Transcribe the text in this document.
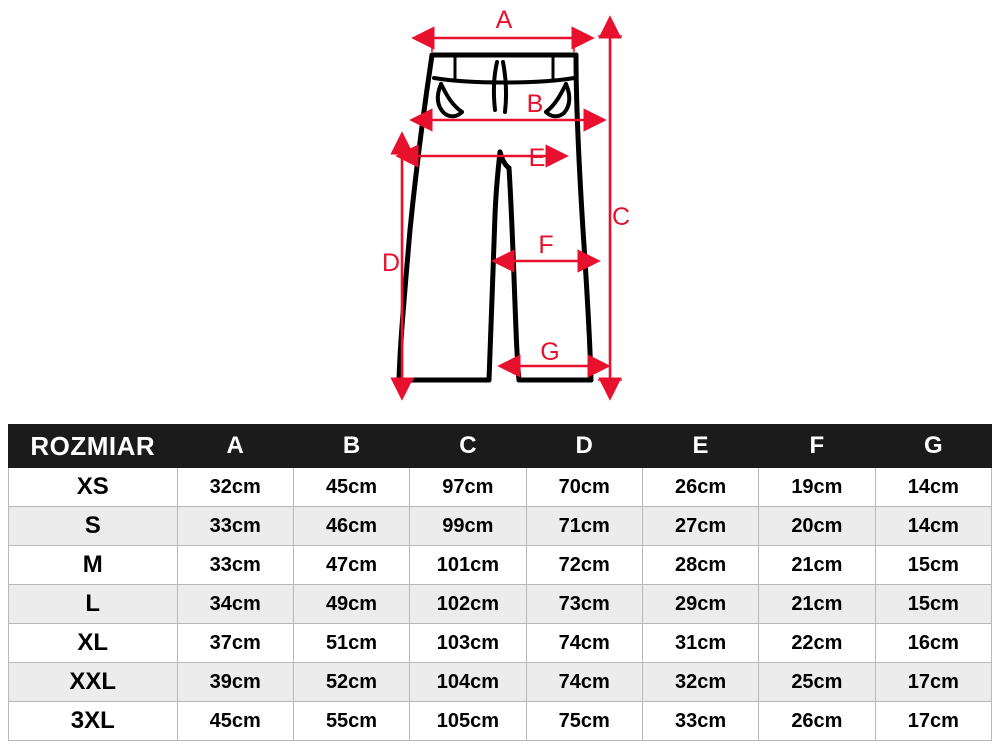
A
B
C
D
E
F
G
ROZMIAR	A	B	C	D	E	F	G
XS	32cm	45cm	97cm	70cm	26cm	19cm	14cm
S	33cm	46cm	99cm	71cm	27cm	20cm	14cm
M	33cm	47cm	101cm	72cm	28cm	21cm	15cm
L	34cm	49cm	102cm	73cm	29cm	21cm	15cm
XL	37cm	51cm	103cm	74cm	31cm	22cm	16cm
XXL	39cm	52cm	104cm	74cm	32cm	25cm	17cm
3XL	45cm	55cm	105cm	75cm	33cm	26cm	17cm
